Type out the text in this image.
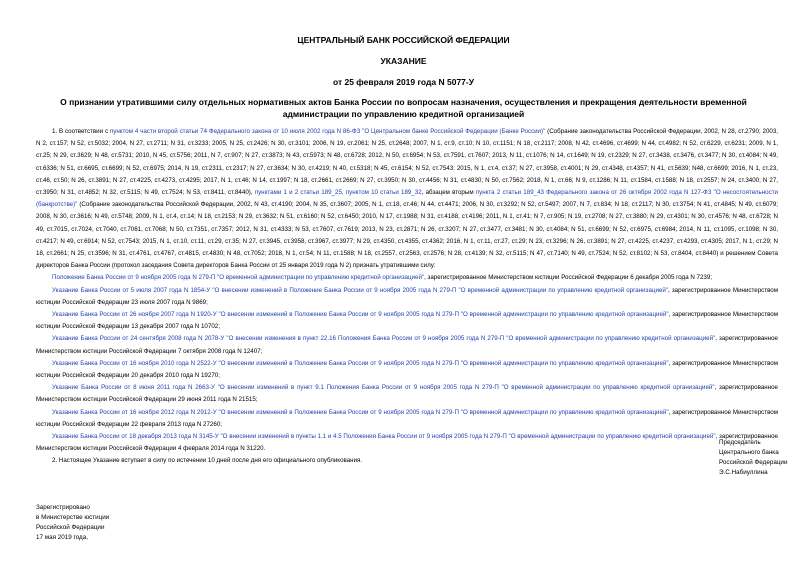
ЦЕНТРАЛЬНЫЙ БАНК РОССИЙСКОЙ ФЕДЕРАЦИИ
УКАЗАНИЕ
от 25 февраля 2019 года N 5077-У
О признании утратившими силу отдельных нормативных актов Банка России по вопросам назначения, осуществления и прекращения деятельности временной администрации по управлению кредитной организацией

1. В соответствии с пунктом 4 части второй статьи 74 Федерального закона от 10 июля 2002 года N 86-ФЗ "О Центральном банке Российской Федерации (Банке России)" (Собрание законодательства Российской Федерации, 2002, N 28, ст.2790; 2003, N 2, ст.157; N 52, ст.5032; 2004, N 27, ст.2711; N 31, ст.3233; 2005, N 25, ст.2426; N 30, ст.3101; 2006, N 19, ст.2061; N 25, ст.2648; 2007, N 1, ст.9, ст.10; N 10, ст.1151; N 18, ст.2117; 2008, N 42, ст.4696, ст.4699; N 44, ст.4982; N 52, ст.6229, ст.6231; 2009, N 1, ст.25; N 29, ст.3629; N 48, ст.5731; 2010, N 45, ст.5756; 2011, N 7, ст.907; N 27, ст.3873; N 43, ст.5973; N 48, ст.6728; 2012, N 50, ст.6954; N 53, ст.7591, ст.7607; 2013, N 11, ст.1076; N 14, ст.1649; N 19, ст.2329; N 27, ст.3438, ст.3476, ст.3477; N 30, ст.4084; N 49, ст.6336; N 51, ст.6695, ст.6699; N 52, ст.6975; 2014, N 19, ст.2311, ст.2317; N 27, ст.3634; N 30, ст.4219; N 40, ст.5318; N 45, ст.6154; N 52, ст.7543; 2015, N 1, ст.4, ст.37; N 27, ст.3958, ст.4001; N 29, ст.4348, ст.4357; N 41, ст.5639; N48, ст.6699; 2016, N 1, ст.23, ст.46, ст.50; N 26, ст.3891; N 27, ст.4225, ст.4273, ст.4295; 2017, N 1, ст.46; N 14, ст.1997; N 18, ст.2661, ст.2669; N 27, ст.3950; N 30, ст.4456; N 31, ст.4830; N 50, ст.7562; 2018, N 1, ст.66; N 9, ст.1286; N 11, ст.1584, ст.1588; N 18, ст.2557; N 24, ст.3400; N 27, ст.3950; N 31, ст.4852; N 32, ст.5115; N 49, ст.7524; N 53, ст.8411, ст.8440), пунктами 1 и 2 статьи 189_25, пунктом 10 статьи 189_32, абзацем вторым пункта 2 статьи 189_43 Федерального закона от 26 октября 2002 года N 127-ФЗ "О несостоятельности (банкротстве)" (Собрание законодательства Российской Федерации, 2002, N 43, ст.4190; 2004, N 35, ст.3607; 2005, N 1, ст.18, ст.46; N 44, ст.4471; 2006, N 30, ст.3292; N 52, ст.5497; 2007, N 7, ст.834; N 18, ст.2117; N 30, ст.3754; N 41, ст.4845; N 49, ст.6079; 2008, N 30, ст.3616; N 49, ст.5748; 2009, N 1, ст.4, ст.14; N 18, ст.2153; N 29, ст.3632; N 51, ст.6160; N 52, ст.6450; 2010, N 17, ст.1988; N 31, ст.4188, ст.4196; 2011, N 1, ст.41; N 7, ст.905; N 19, ст.2708; N 27, ст.3880; N 29, ст.4301; N 30, ст.4576; N 48, ст.6728; N 49, ст.7015, ст.7024, ст.7040, ст.7061, ст.7068; N 50, ст.7351, ст.7357; 2012, N 31, ст.4333; N 53, ст.7607, ст.7619; 2013, N 23, ст.2871; N 26, ст.3207; N 27, ст.3477, ст.3481; N 30, ст.4084; N 51, ст.6699; N 52, ст.6975, ст.6984; 2014, N 11, ст.1095, ст.1098; N 30, ст.4217; N 49, ст.6914; N 52, ст.7543; 2015, N 1, ст.10, ст.11, ст.29, ст.35; N 27, ст.3945, ст.3958, ст.3967, ст.3977; N 29, ст.4350, ст.4355, ст.4362; 2016, N 1, ст.11, ст.27, ст.29; N 23, ст.3296; N 26, ст.3891; N 27, ст.4225, ст.4237, ст.4293, ст.4305; 2017, N 1, ст.29; N 18, ст.2661; N 25, ст.3596; N 31, ст.4761, ст.4767, ст.4815, ст.4830; N 48, ст.7052; 2018, N 1, ст.54; N 11, ст.1588; N 18, ст.2557, ст.2563, ст.2576; N 28, ст.4139; N 32, ст.5115; N 47, ст.7140; N 49, ст.7524; N 52, ст.8102; N 53, ст.8404, ст.8440) и решением Совета директоров Банка России (протокол заседания Совета директоров Банка России от 25 января 2019 года N 2) признать утратившими силу:

Положение Банка России от 9 ноября 2005 года N 279-П "О временной администрации по управлению кредитной организацией", зарегистрированное Министерством юстиции Российской Федерации 6 декабря 2005 года N 7239;

Указание Банка России от 5 июля 2007 года N 1854-У "О внесении изменений в Положение Банка России от 9 ноября 2005 года N 279-П "О временной администрации по управлению кредитной организацией", зарегистрированное Министерством юстиции Российской Федерации 23 июля 2007 года N 9869;

Указание Банка России от 26 ноября 2007 года N 1920-У "О внесении изменений в Положение Банка России от 9 ноября 2005 года N 279-П "О временной администрации по управлению кредитной организацией", зарегистрированное Министерством юстиции Российской Федерации 13 декабря 2007 года N 10702;

Указание Банка России от 24 сентября 2008 года N 2078-У "О внесении изменения в пункт 22.16 Положения Банка России от 9 ноября 2005 года N 279-П "О временной администрации по управлению кредитной организацией", зарегистрированное Министерством юстиции Российской Федерации 7 октября 2008 года N 12407;

Указание Банка России от 16 ноября 2010 года N 2522-У "О внесении изменений в Положение Банка России от 9 ноября 2005 года N 279-П "О временной администрации по управлению кредитной организацией", зарегистрированное Министерством юстиции Российской Федерации 20 декабря 2010 года N 19270;

Указание Банка России от 8 июня 2011 года N 2663-У "О внесении изменений в пункт 9.1 Положения Банка России от 9 ноября 2005 года N 279-П "О временной администрации по управлению кредитной организацией", зарегистрированное Министерством юстиции Российской Федерации 29 июня 2011 года N 21515;

Указание Банка России от 16 ноября 2012 года N 2912-У "О внесении изменений в Положение Банка России от 9 ноября 2005 года N 279-П "О временной администрации по управлению кредитной организацией", зарегистрированное Министерством юстиции Российской Федерации 22 февраля 2013 года N 27260;

Указание Банка России от 18 декабря 2013 года N 3145-У "О внесении изменений в пункты 1.1 и 4.5 Положения Банка России от 9 ноября 2005 года N 279-П "О временной администрации по управлению кредитной организацией", зарегистрированное Министерством юстиции Российской Федерации 4 февраля 2014 года N 31220.

2. Настоящее Указание вступает в силу по истечении 10 дней после дня его официального опубликования.

Председатель
Центрального банка
Российской Федерации
Э.С.Набиуллина
Зарегистрировано
в Министерстве юстиции
Российской Федерации
17 мая 2019 года,
